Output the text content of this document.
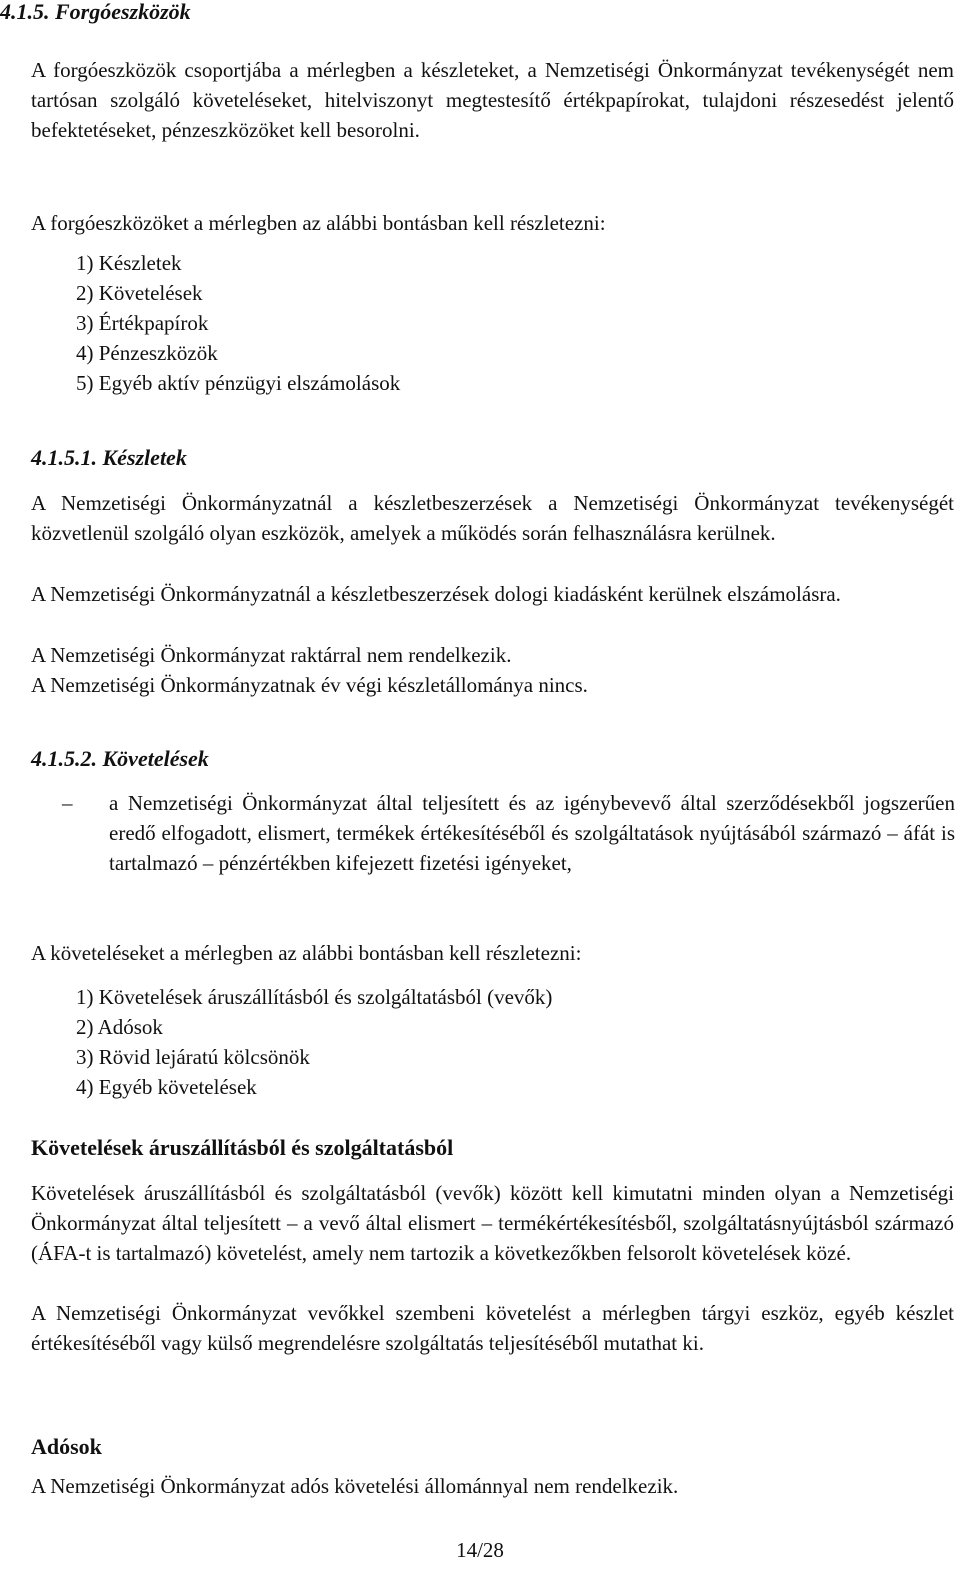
4.1.5. Forgóeszközök

A forgóeszközök csoportjába a mérlegben a készleteket, a Nemzetiségi Önkormányzat tevékenységét nem tartósan szolgáló követeléseket, hitelviszonyt megtestesítő értékpapírokat, tulajdoni részesedést jelentő befektetéseket, pénzeszközöket kell besorolni.

A forgóeszközöket a mérlegben az alábbi bontásban kell részletezni:

1) Készletek
2) Követelések
3) Értékpapírok
4) Pénzeszközök
5) Egyéb aktív pénzügyi elszámolások
4.1.5.1. Készletek

A Nemzetiségi Önkormányzatnál a készletbeszerzések a Nemzetiségi Önkormányzat tevékenységét közvetlenül szolgáló olyan eszközök, amelyek a működés során felhasználásra kerülnek.

A Nemzetiségi Önkormányzatnál a készletbeszerzések dologi kiadásként kerülnek elszámolásra.

A Nemzetiségi Önkormányzat raktárral nem rendelkezik.

A Nemzetiségi Önkormányzatnak év végi készletállománya nincs.

4.1.5.2. Követelések
– a Nemzetiségi Önkormányzat által teljesített és az igénybevevő által szerződésekből jogszerűen eredő elfogadott, elismert, termékek értékesítéséből és szolgáltatások nyújtásából származó – áfát is tartalmazó – pénzértékben kifejezett fizetési igényeket,

A követeléseket a mérlegben az alábbi bontásban kell részletezni:

1) Követelések áruszállításból és szolgáltatásból (vevők)
2) Adósok
3) Rövid lejáratú kölcsönök
4) Egyéb követelések
Követelések áruszállításból és szolgáltatásból

Követelések áruszállításból és szolgáltatásból (vevők) között kell kimutatni minden olyan a Nemzetiségi Önkormányzat által teljesített – a vevő által elismert – termékértékesítésből, szolgáltatásnyújtásból származó (ÁFA-t is tartalmazó) követelést, amely nem tartozik a következőkben felsorolt követelések közé.

A Nemzetiségi Önkormányzat vevőkkel szembeni követelést a mérlegben tárgyi eszköz, egyéb készlet értékesítéséből vagy külső megrendelésre szolgáltatás teljesítéséből mutathat ki.

Adósok

A Nemzetiségi Önkormányzat adós követelési állománnyal nem rendelkezik.

14/28
